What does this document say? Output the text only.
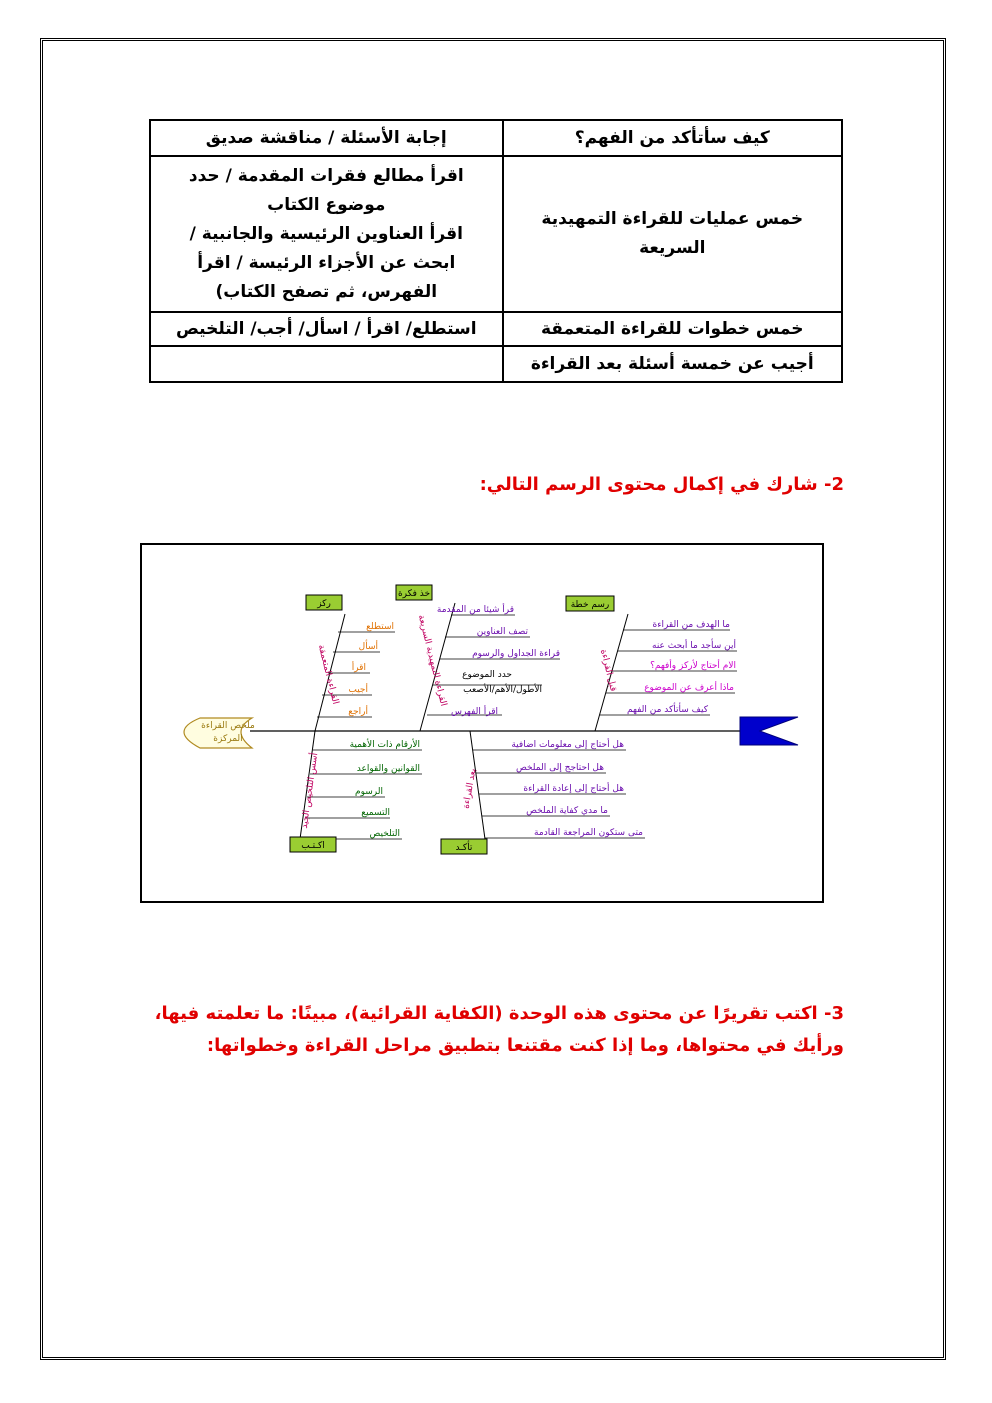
كيف سأتأكد من الفهم؟	إجابة الأسئلة / مناقشة صديق
خمس عمليات للقراءة التمهيدية السريعة	اقرأ مطالع فقرات المقدمة / حدد
موضوع الكتاب
اقرأ العناوين الرئيسية والجانبية /
ابحث عن الأجزاء الرئيسة / اقرأ
الفهرس، ثم تصفح الكتاب)

خمس خطوات للقراءة المتعمقة	استطلع/ اقرأ / اسأل/ أجب/ التلخيص
أجيب عن خمسة أسئلة بعد القراءة	
2- شارك في إكمال محتوى الرسم التالي:
ملخص القراءة
المركزة
ركز
خذ فكرة
رسم خطة
اكـتـب	تأكـد
القراءة المتعمقة	القراءة التمهيدية السريعة	قبل القراءة
أسس التلخيص الجيد	بعد القراءة
استطلع
أسأل
اقرأ
أجيب
أراجع
قرأ شيئا من المقدمة
تصف العناوين
قراءة الجداول والرسوم
حدد الموضوع
الأطول/الأهم/الأصعب
اقرأ الفهرس
ما الهدف من القراءة
أين سأجد ما أبحث عنه
الام أحتاج لأركز وأفهم؟
ماذا أعرف عن الموضوع
كيف سأتأكد من الفهم
الأرقام ذات الأهمية
القوانين والقواعد
الرسوم
التسميع
التلخيص
هل أحتاج إلى معلومات اضافية
هل احتاجج إلى الملخص
هل أحتاج إلى إعادة القراءة
ما مدي كفاية الملخص
متى ستكون المراجعة القادمة
3- اكتب تقريرًا عن محتوى هذه الوحدة (الكفاية القرائية)، مبينًا: ما تعلمته فيها،
ورأيك في محتواها، وما إذا كنت مقتنعا بتطبيق مراحل القراءة وخطواتها:
